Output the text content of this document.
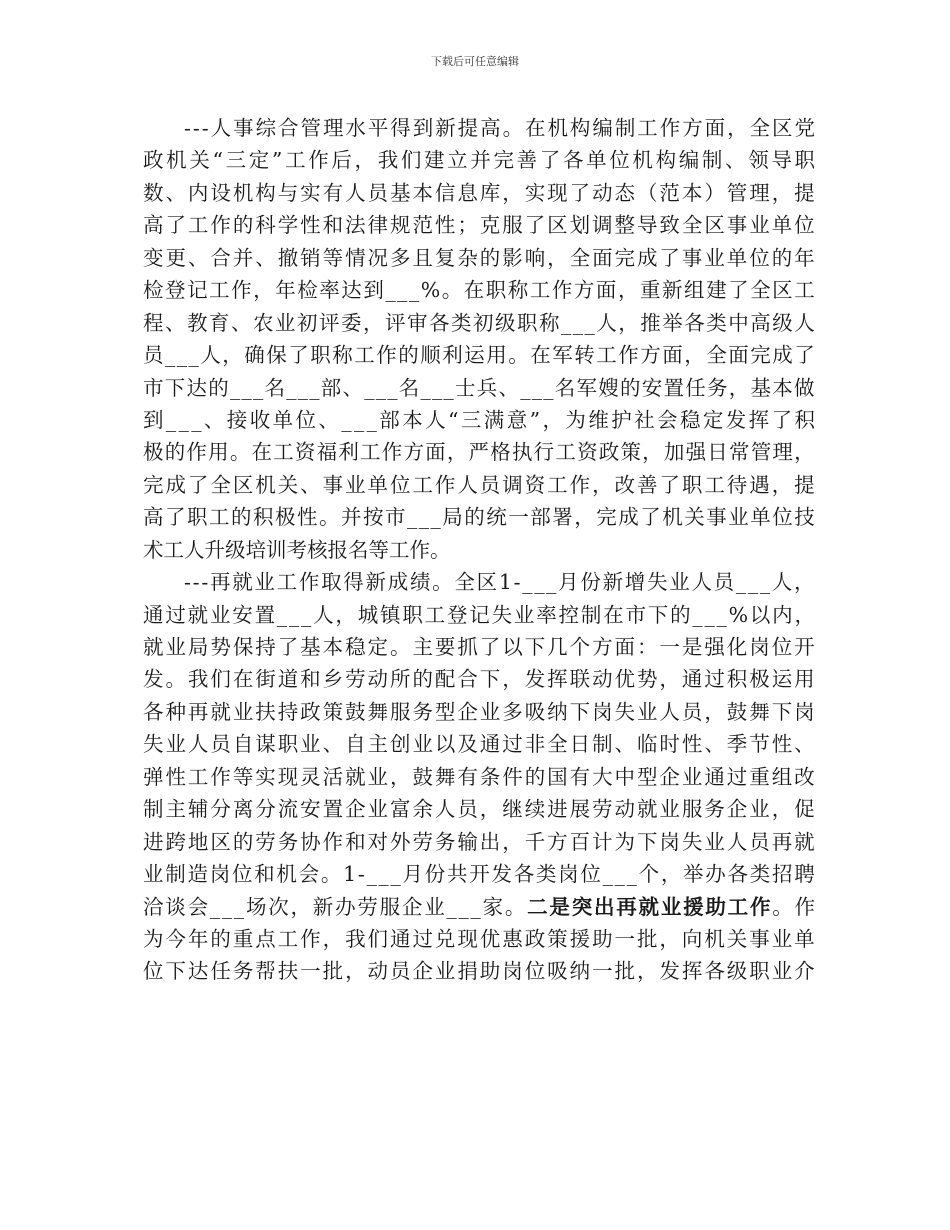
下载后可任意编辑
- - - 人 事 综 合 管 理 水 平 得 到 新 提 高 。 在 机 构 编 制 工 作 方 面 ， 全 区 党
政 机 关 “ 三 定 ” 工 作 后 ， 我 们 建 立 并 完 善 了 各 单 位 机 构 编 制 、 领 导 职
数 、 内 设 机 构 与 实 有 人 员 基 本 信 息 库 ， 实 现 了 动 态 （ 范 本 ） 管 理 ， 提
高 了 工 作 的 科 学 性 和 法 律 规 范 性 ； 克 服 了 区 划 调 整 导 致 全 区 事 业 单 位
变 更 、 合 并 、 撤 销 等 情 况 多 且 复 杂 的 影 响 ， 全 面 完 成 了 事 业 单 位 的 年
检 登 记 工 作 ， 年 检 率 达 到 _ _ _ % 。 在 职 称 工 作 方 面 ， 重 新 组 建 了 全 区 工
程 、 教 育 、 农 业 初 评 委 ， 评 审 各 类 初 级 职 称 _ _ _ 人 ， 推 举 各 类 中 高 级 人
员 _ _ _ 人 ， 确 保 了 职 称 工 作 的 顺 利 运 用 。 在 军 转 工 作 方 面 ， 全 面 完 成 了
市 下 达 的 _ _ _ 名 _ _ _ 部 、 _ _ _ 名 _ _ _ 士 兵 、 _ _ _ 名 军 嫂 的 安 置 任 务 ， 基 本 做
到 _ _ _ 、 接 收 单 位 、 _ _ _ 部 本 人 “ 三 满 意 ” ， 为 维 护 社 会 稳 定 发 挥 了 积
极 的 作 用 。 在 工 资 福 利 工 作 方 面 ， 严 格 执 行 工 资 政 策 ， 加 强 日 常 管 理 ，
完 成 了 全 区 机 关 、 事 业 单 位 工 作 人 员 调 资 工 作 ， 改 善 了 职 工 待 遇 ， 提
高 了 职 工 的 积 极 性 。 并 按 市 _ _ _ 局 的 统 一 部 署 ， 完 成 了 机 关 事 业 单 位 技
术工人升级培训考核报名等工作。
- - - 再 就 业 工 作 取 得 新 成 绩 。 全 区 1 - _ _ _ 月 份 新 增 失 业 人 员 _ _ _ 人 ，
通 过 就 业 安 置 _ _ _ 人 ， 城 镇 职 工 登 记 失 业 率 控 制 在 市 下 的 _ _ _ % 以 内 ，
就 业 局 势 保 持 了 基 本 稳 定 。 主 要 抓 了 以 下 几 个 方 面 ： 一 是 强 化 岗 位 开
发 。 我 们 在 街 道 和 乡 劳 动 所 的 配 合 下 ， 发 挥 联 动 优 势 ， 通 过 积 极 运 用
各 种 再 就 业 扶 持 政 策 鼓 舞 服 务 型 企 业 多 吸 纳 下 岗 失 业 人 员 ， 鼓 舞 下 岗
失 业 人 员 自 谋 职 业 、 自 主 创 业 以 及 通 过 非 全 日 制 、 临 时 性 、 季 节 性 、
弹 性 工 作 等 实 现 灵 活 就 业 ， 鼓 舞 有 条 件 的 国 有 大 中 型 企 业 通 过 重 组 改
制 主 辅 分 离 分 流 安 置 企 业 富 余 人 员 ， 继 续 进 展 劳 动 就 业 服 务 企 业 ， 促
进 跨 地 区 的 劳 务 协 作 和 对 外 劳 务 输 出 ， 千 方 百 计 为 下 岗 失 业 人 员 再 就
业 制 造 岗 位 和 机 会 。 1 - _ _ _ 月 份 共 开 发 各 类 岗 位 _ _ _ 个 ， 举 办 各 类 招 聘
洽 谈 会 _ _ _ 场 次 ， 新 办 劳 服 企 业 _ _ _ 家 。 二 是 突 出 再 就 业 援 助 工 作 。 作
为 今 年 的 重 点 工 作 ， 我 们 通 过 兑 现 优 惠 政 策 援 助 一 批 ， 向 机 关 事 业 单
位 下 达 任 务 帮 扶 一 批 ， 动 员 企 业 捐 助 岗 位 吸 纳 一 批 ， 发 挥 各 级 职 业 介
